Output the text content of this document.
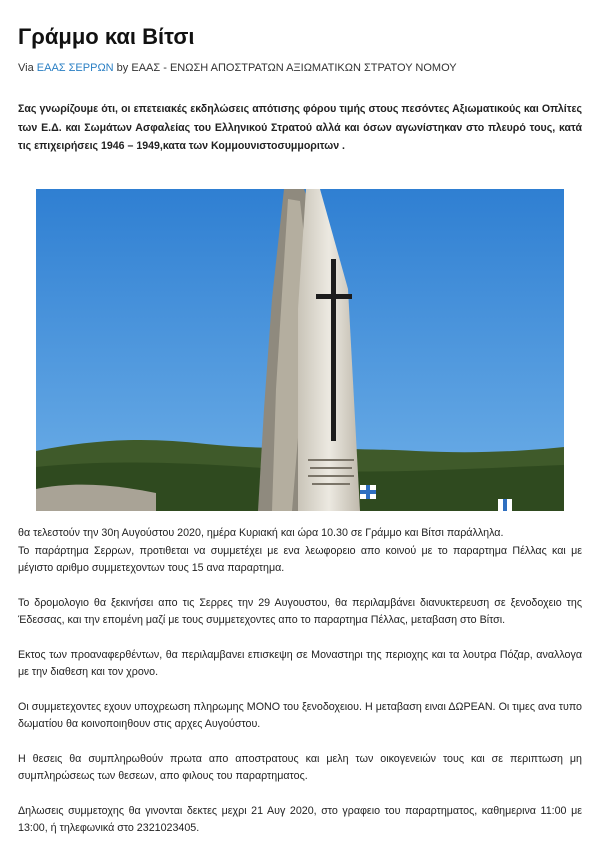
Γράμμο και Βίτσι
Via ΕΑΑΣ ΣΕΡΡΩΝ by ΕΑΑΣ - ΕΝΩΣΗ ΑΠΟΣΤΡΑΤΩΝ ΑΞΙΩΜΑΤΙΚΩΝ ΣΤΡΑΤΟΥ ΝΟΜΟΥ
Σας γνωρίζουμε ότι, οι επετειακές εκδηλώσεις απότισης φόρου τιμής στους πεσόντες Αξιωματικούς και Οπλίτες των Ε.Δ. και Σωμάτων Ασφαλείας του Ελληνικού Στρατού αλλά και όσων αγωνίστηκαν στο πλευρό τους, κατά τις επιχειρήσεις 1946 – 1949,κατα των Κομμουνιστοσυμμοριτων .

θα τελεστούν την 30η Αυγούστου 2020, ημέρα Κυριακή και ώρα 10.30 σε Γράμμο και Βίτσι παράλληλα.

Το παράρτημα Σερρων, προτιθεται να συμμετέχει με ενα λεωφορειο απο κοινού με το παραρτημα Πέλλας και με μέγιστο αριθμο συμμετεχοντων τους 15 ανα παραρτημα.

Το δρομολογιο θα ξεκινήσει απο τις Σερρες την 29 Αυγουστου, θα περιλαμβάνει διανυκτερευση σε ξενοδοχειο της Έδεσσας, και την επομένη μαζί με τους συμμετεχοντες απο το παραρτημα Πέλλας, μεταβαση στο Βίτσι.

Εκτος των προαναφερθέντων, θα περιλαμβανει επισκεψη σε Μοναστηρι της περιοχης και τα λουτρα Πόζαρ, αναλλογα με την διαθεση και τον χρονο.

Οι συμμετεχοντες εχουν υποχρεωση πληρωμης ΜΟΝΟ του ξενοδοχειου. Η μεταβαση ειναι ΔΩΡΕΑΝ. Οι τιμες ανα τυπο δωματίου θα κοινοποιηθουν στις αρχες Αυγούστου.

Η θεσεις θα συμπληρωθούν πρωτα απο αποστρατους και μελη των οικογενειών τους και σε περιπτωση μη συμπληρώσεως των θεσεων, απο φιλους του παραρτηματος.

Δηλωσεις συμμετοχης θα γινονται δεκτες μεχρι 21 Αυγ 2020, στο γραφειο του παραρτηματος, καθημερινα 11:00 με 13:00, ή τηλεφωνικά στο 2321023405.
